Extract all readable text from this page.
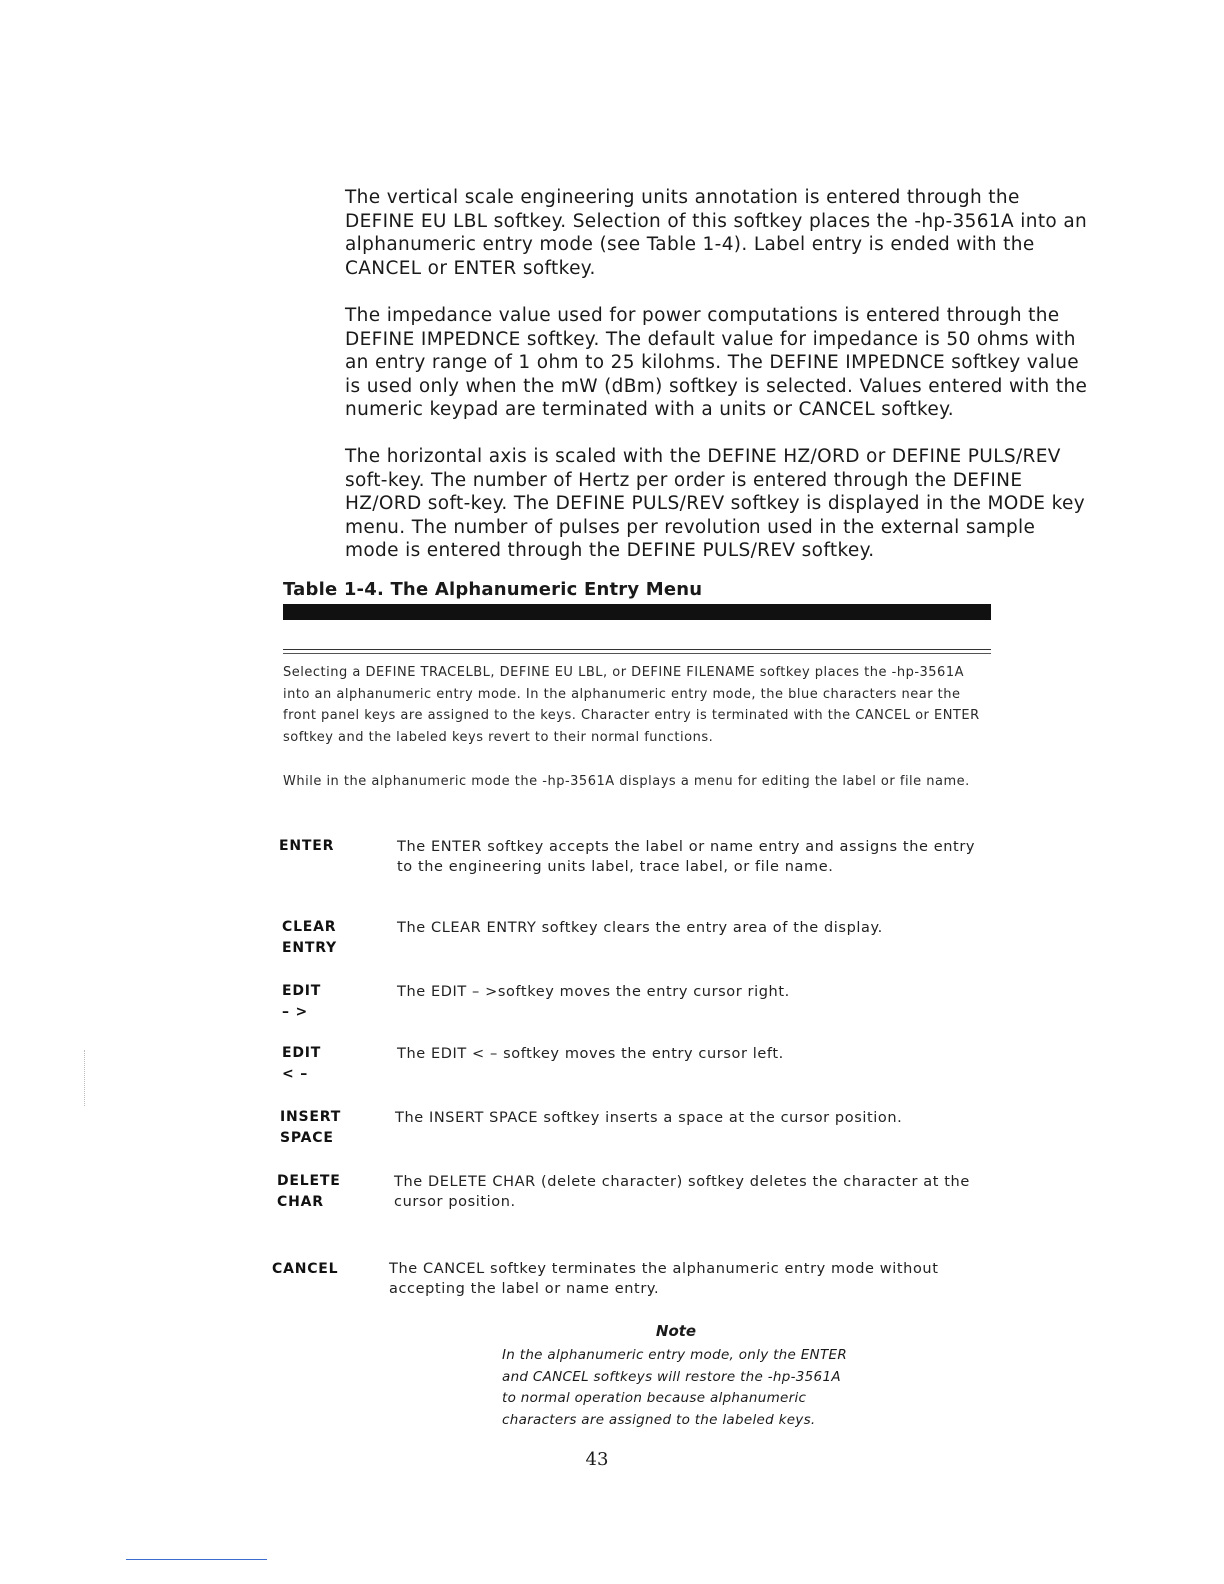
The vertical scale engineering units annotation is entered through the DEFINE EU LBL softkey. Selection of this softkey places the -hp-3561A into an alphanumeric entry mode (see Table 1-4). Label entry is ended with the CANCEL or ENTER softkey.

The impedance value used for power computations is entered through the DEFINE IMPEDNCE softkey. The default value for impedance is 50 ohms with an entry range of 1 ohm to 25 kilohms. The DEFINE IMPEDNCE softkey value is used only when the mW (dBm) softkey is selected. Values entered with the numeric keypad are terminated with a units or CANCEL softkey.

The horizontal axis is scaled with the DEFINE HZ/ORD or DEFINE PULS/REV soft-key. The number of Hertz per order is entered through the DEFINE HZ/ORD soft-key. The DEFINE PULS/REV softkey is displayed in the MODE key menu. The number of pulses per revolution used in the external sample mode is entered through the DEFINE PULS/REV softkey.

Table 1-4. The Alphanumeric Entry Menu

Selecting a DEFINE TRACELBL, DEFINE EU LBL, or DEFINE FILENAME softkey places the -hp-3561A into an alphanumeric entry mode. In the alphanumeric entry mode, the blue characters near the front panel keys are assigned to the keys. Character entry is terminated with the CANCEL or ENTER softkey and the labeled keys revert to their normal functions.

While in the alphanumeric mode the -hp-3561A displays a menu for editing the label or file name.

ENTER	The ENTER softkey accepts the label or name entry and assigns the entry to the engineering units label, trace label, or file name.
CLEAR
ENTRY
The CLEAR ENTRY softkey clears the entry area of the display.
EDIT
– >
The EDIT – >softkey moves the entry cursor right.
EDIT
< –
The EDIT < – softkey moves the entry cursor left.
INSERT
SPACE
The INSERT SPACE softkey inserts a space at the cursor position.
DELETE
CHAR
The DELETE CHAR (delete character) softkey deletes the character at the cursor position.
CANCEL	The CANCEL softkey terminates the alphanumeric entry mode without accepting the label or name entry.
Note
In the alphanumeric entry mode, only the ENTER and CANCEL softkeys will restore the -hp-3561A to normal operation because alphanumeric characters are assigned to the labeled keys.
43
